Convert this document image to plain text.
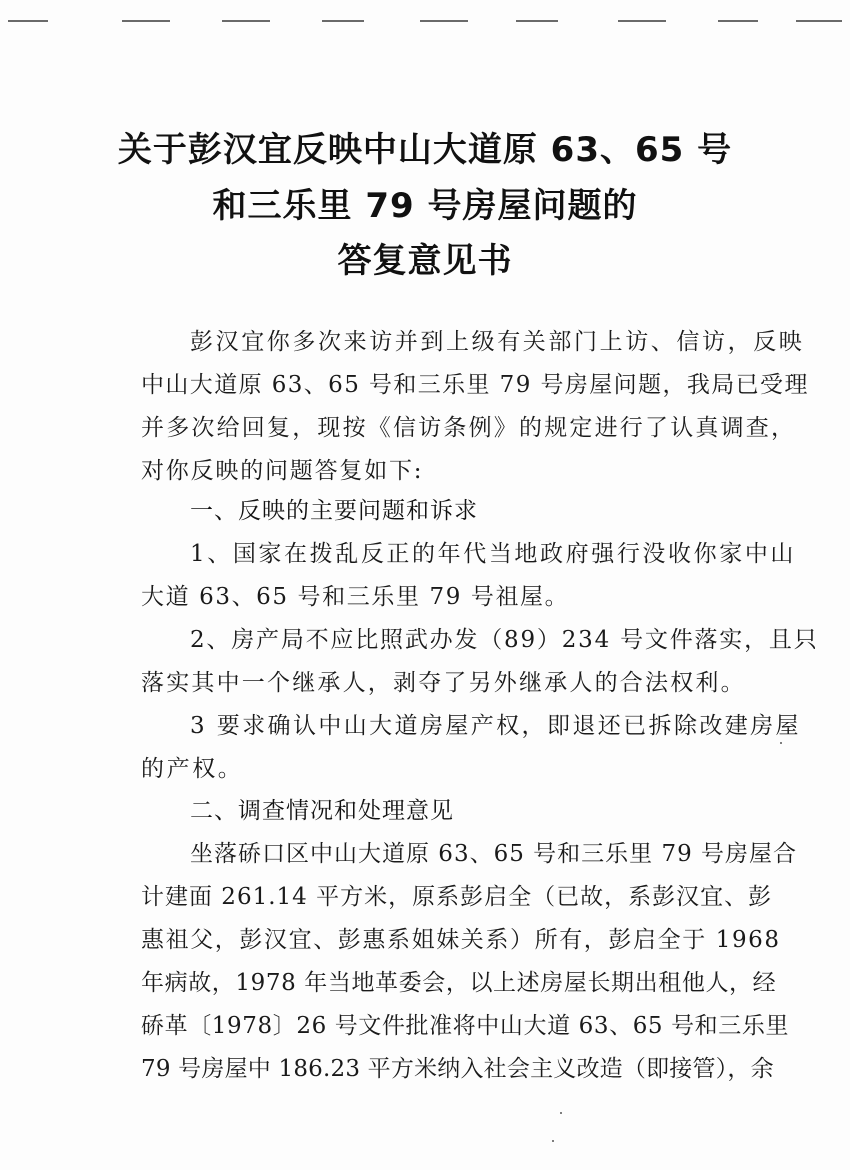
关于彭汉宜反映中山大道原 63、65 号
和三乐里 79 号房屋问题的
答复意见书
彭汉宜你多次来访并到上级有关部门上访、信访，反映
中山大道原 63、65 号和三乐里 79 号房屋问题，我局已受理
并多次给回复，现按《信访条例》的规定进行了认真调查，
对你反映的问题答复如下:
一、反映的主要问题和诉求
1、国家在拨乱反正的年代当地政府强行没收你家中山
大道 63、65 号和三乐里 79 号祖屋。
2、房产局不应比照武办发（89）234 号文件落实，且只
落实其中一个继承人，剥夺了另外继承人的合法权利。
3 要求确认中山大道房屋产权，即退还已拆除改建房屋
的产权。
二、调查情况和处理意见
坐落硚口区中山大道原 63、65 号和三乐里 79 号房屋合
计建面 261.14 平方米，原系彭启全（已故，系彭汉宜、彭
惠祖父，彭汉宜、彭惠系姐妹关系）所有，彭启全于 1968
年病故，1978 年当地革委会，以上述房屋长期出租他人，经
硚革〔1978〕26 号文件批准将中山大道 63、65 号和三乐里
79 号房屋中 186.23 平方米纳入社会主义改造（即接管），余
